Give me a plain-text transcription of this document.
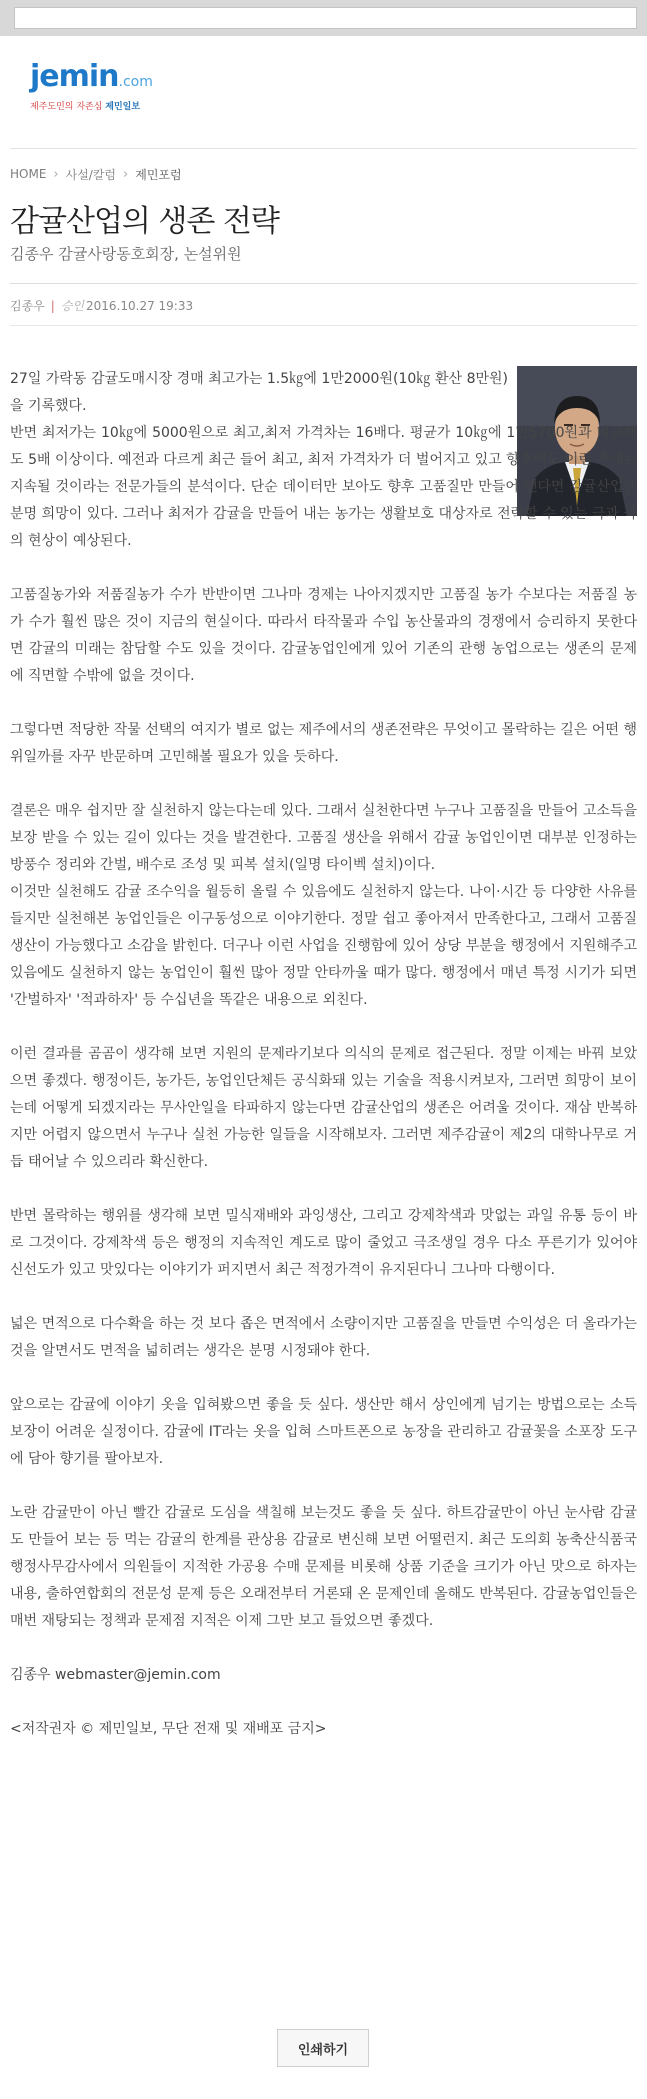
jemin.com
제주도민의 자존심 제민일보
HOME › 사설/칼럼 › 제민포럼
감귤산업의 생존 전략
김종우 감귤사랑동호회장, 논설위원
김종우 | 승인 2016.10.27 19:33

27일 가락동 감귤도매시장 경매 최고가는 1.5㎏에 1만2000원(10㎏ 환산 8만원)을 기록했다.

반면 최저가는 10㎏에 5000원으로 최고,최저 가격차는 16배다. 평균가 10㎏에 1만5700원과 비교해도 5배 이상이다. 예전과 다르게 최근 들어 최고, 최저 가격차가 더 벌어지고 있고 향후에도 이런 추세는 지속될 것이라는 전문가들의 분석이다. 단순 데이터만 보아도 향후 고품질만 만들어 낸다면 감귤산업은 분명 희망이 있다. 그러나 최저가 감귤을 만들어 내는 농가는 생활보호 대상자로 전락할 수 있는 극과 극의 현상이 예상된다.

고품질농가와 저품질농가 수가 반반이면 그나마 경제는 나아지겠지만 고품질 농가 수보다는 저품질 농가 수가 훨씬 많은 것이 지금의 현실이다. 따라서 타작물과 수입 농산물과의 경쟁에서 승리하지 못한다면 감귤의 미래는 참담할 수도 있을 것이다. 감귤농업인에게 있어 기존의 관행 농업으로는 생존의 문제에 직면할 수밖에 없을 것이다.

그렇다면 적당한 작물 선택의 여지가 별로 없는 제주에서의 생존전략은 무엇이고 몰락하는 길은 어떤 행위일까를 자꾸 반문하며 고민해볼 필요가 있을 듯하다.

결론은 매우 쉽지만 잘 실천하지 않는다는데 있다. 그래서 실천한다면 누구나 고품질을 만들어 고소득을 보장 받을 수 있는 길이 있다는 것을 발견한다. 고품질 생산을 위해서 감귤 농업인이면 대부분 인정하는 방풍수 정리와 간벌, 배수로 조성 및 피복 설치(일명 타이벡 설치)이다.

이것만 실천해도 감귤 조수익을 월등히 올릴 수 있음에도 실천하지 않는다. 나이·시간 등 다양한 사유를 들지만 실천해본 농업인들은 이구동성으로 이야기한다. 정말 쉽고 좋아져서 만족한다고, 그래서 고품질 생산이 가능했다고 소감을 밝힌다. 더구나 이런 사업을 진행함에 있어 상당 부분을 행정에서 지원해주고 있음에도 실천하지 않는 농업인이 훨씬 많아 정말 안타까울 때가 많다. 행정에서 매년 특정 시기가 되면 '간벌하자' '적과하자' 등 수십년을 똑같은 내용으로 외친다.

이런 결과를 곰곰이 생각해 보면 지원의 문제라기보다 의식의 문제로 접근된다. 정말 이제는 바꿔 보았으면 좋겠다. 행정이든, 농가든, 농업인단체든 공식화돼 있는 기술을 적용시켜보자, 그러면 희망이 보이는데 어떻게 되겠지라는 무사안일을 타파하지 않는다면 감귤산업의 생존은 어려울 것이다. 재삼 반복하지만 어렵지 않으면서 누구나 실천 가능한 일들을 시작해보자. 그러면 제주감귤이 제2의 대학나무로 거듭 태어날 수 있으리라 확신한다.

반면 몰락하는 행위를 생각해 보면 밀식재배와 과잉생산, 그리고 강제착색과 맛없는 과일 유통 등이 바로 그것이다. 강제착색 등은 행정의 지속적인 계도로 많이 줄었고 극조생일 경우 다소 푸른기가 있어야 신선도가 있고 맛있다는 이야기가 퍼지면서 최근 적정가격이 유지된다니 그나마 다행이다.

넓은 면적으로 다수확을 하는 것 보다 좁은 면적에서 소량이지만 고품질을 만들면 수익성은 더 올라가는 것을 알면서도 면적을 넓히려는 생각은 분명 시정돼야 한다.

앞으로는 감귤에 이야기 옷을 입혀봤으면 좋을 듯 싶다. 생산만 해서 상인에게 넘기는 방법으로는 소득보장이 어려운 실정이다. 감귤에 IT라는 옷을 입혀 스마트폰으로 농장을 관리하고 감귤꽃을 소포장 도구에 담아 향기를 팔아보자.

노란 감귤만이 아닌 빨간 감귤로 도심을 색칠해 보는것도 좋을 듯 싶다. 하트감귤만이 아닌 눈사람 감귤도 만들어 보는 등 먹는 감귤의 한계를 관상용 감귤로 변신해 보면 어떨런지. 최근 도의회 농축산식품국 행정사무감사에서 의원들이 지적한 가공용 수매 문제를 비롯해 상품 기준을 크기가 아닌 맛으로 하자는 내용, 출하연합회의 전문성 문제 등은 오래전부터 거론돼 온 문제인데 올해도 반복된다. 감귤농업인들은 매번 재탕되는 정책과 문제점 지적은 이제 그만 보고 들었으면 좋겠다.

김종우 webmaster@jemin.com

<저작권자 © 제민일보, 무단 전재 및 재배포 금지>
인쇄하기
